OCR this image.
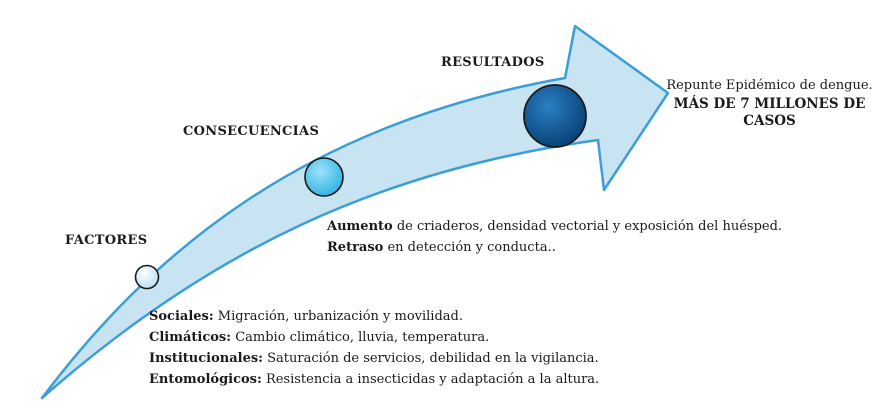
FACTORES
CONSECUENCIAS
RESULTADOS
Aumento de criaderos, densidad vectorial y exposición del huésped.
Retraso en detección y conducta..
Sociales: Migración, urbanización y movilidad.
Climáticos: Cambio climático, lluvia, temperatura.
Institucionales: Saturación de servicios, debilidad en la vigilancia.
Entomológicos: Resistencia a insecticidas y adaptación a la altura.
Repunte Epidémico de dengue.
MÁS DE 7 MILLONES DE
CASOS
